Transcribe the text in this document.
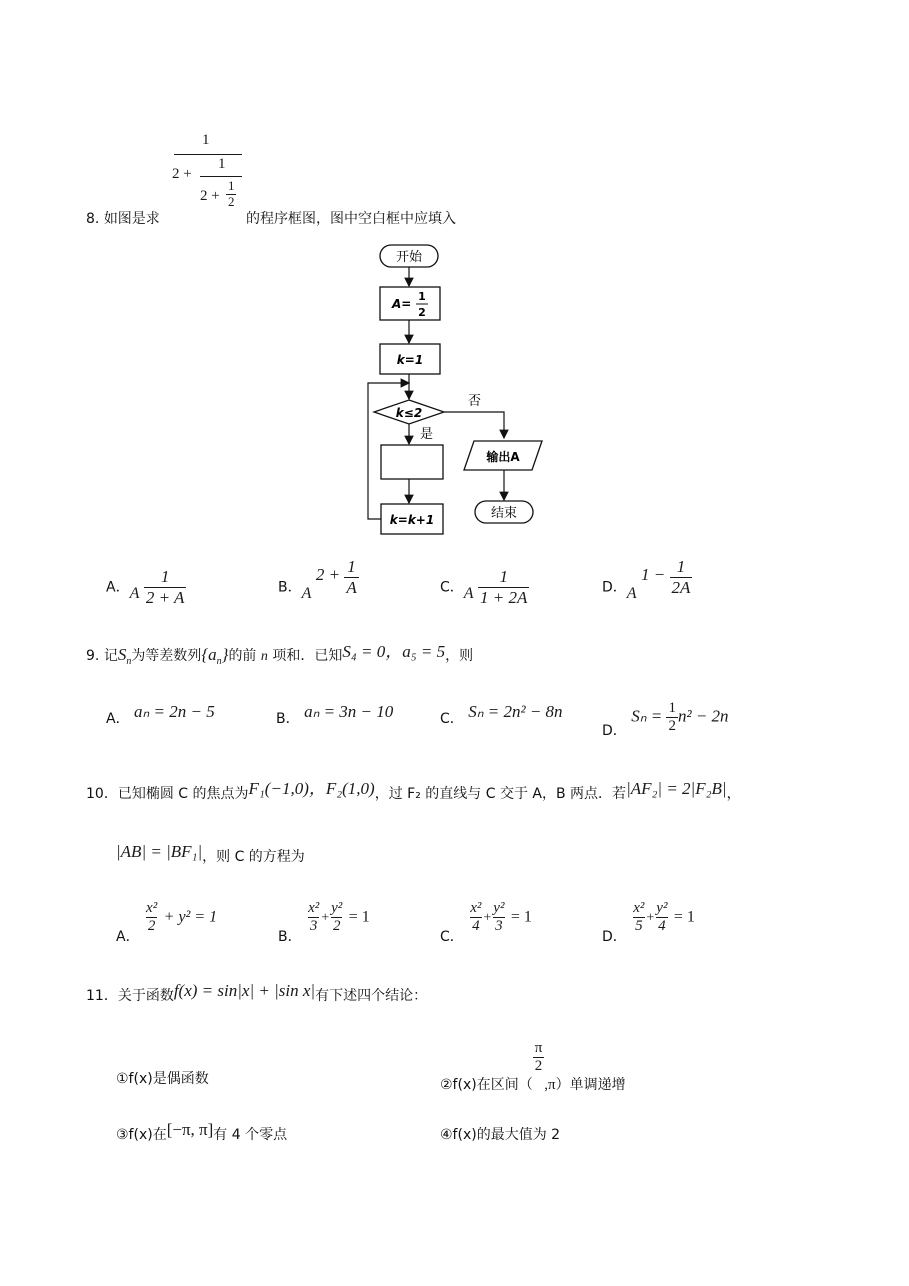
1
2 +
1
2 +
1
2
8. 如图是求	的程序框图，图中空白框中应填入
开始
A=
1
2
k=1
k≤2
否
是
k=k+1
输出A
结束
A．A $\frac{1}{2 + A}$	B．A $2 + \frac{1}{A}$	C．A $\frac{1}{1 + 2A}$	D．A $1 - \frac{1}{2A}$
9. 记$S_n$为等差数列$\{a_n\}$的前 n 项和．已知S₄ = 0，a₅ = 5，则
A． aₙ = 2n − 5	B． aₙ = 3n − 10	C． Sₙ = 2n² − 8n
D． $S_n = \frac{1}{2} n^2 - 2n$
10．已知椭圆 C 的焦点为F₁(−1,0)，F₂(1,0)，过 F₂ 的直线与 C 交于 A，B 两点．若|AF₂| = 2|F₂B|，
|AB| = |BF₁|，则 C 的方程为
A．
$\frac{\text{x²}}{2} + y^2 = 1$
B．
$\frac{\text{x²}}{3} + \frac{\text{y²}}{2} = 1$
C．
$\frac{\text{x²}}{4} + \frac{\text{y²}}{3} = 1$
D．
$\frac{\text{x²}}{5} + \frac{\text{y²}}{4} = 1$
11．关于函数f(x) = sin|x| + |sin x|有下述四个结论：
①f(x)是偶函数	②f(x)在区间（
$\frac{\pi}{2}$
,π）单调递增
③f(x)在[−π, π]有 4 个零点	④f(x)的最大值为 2
